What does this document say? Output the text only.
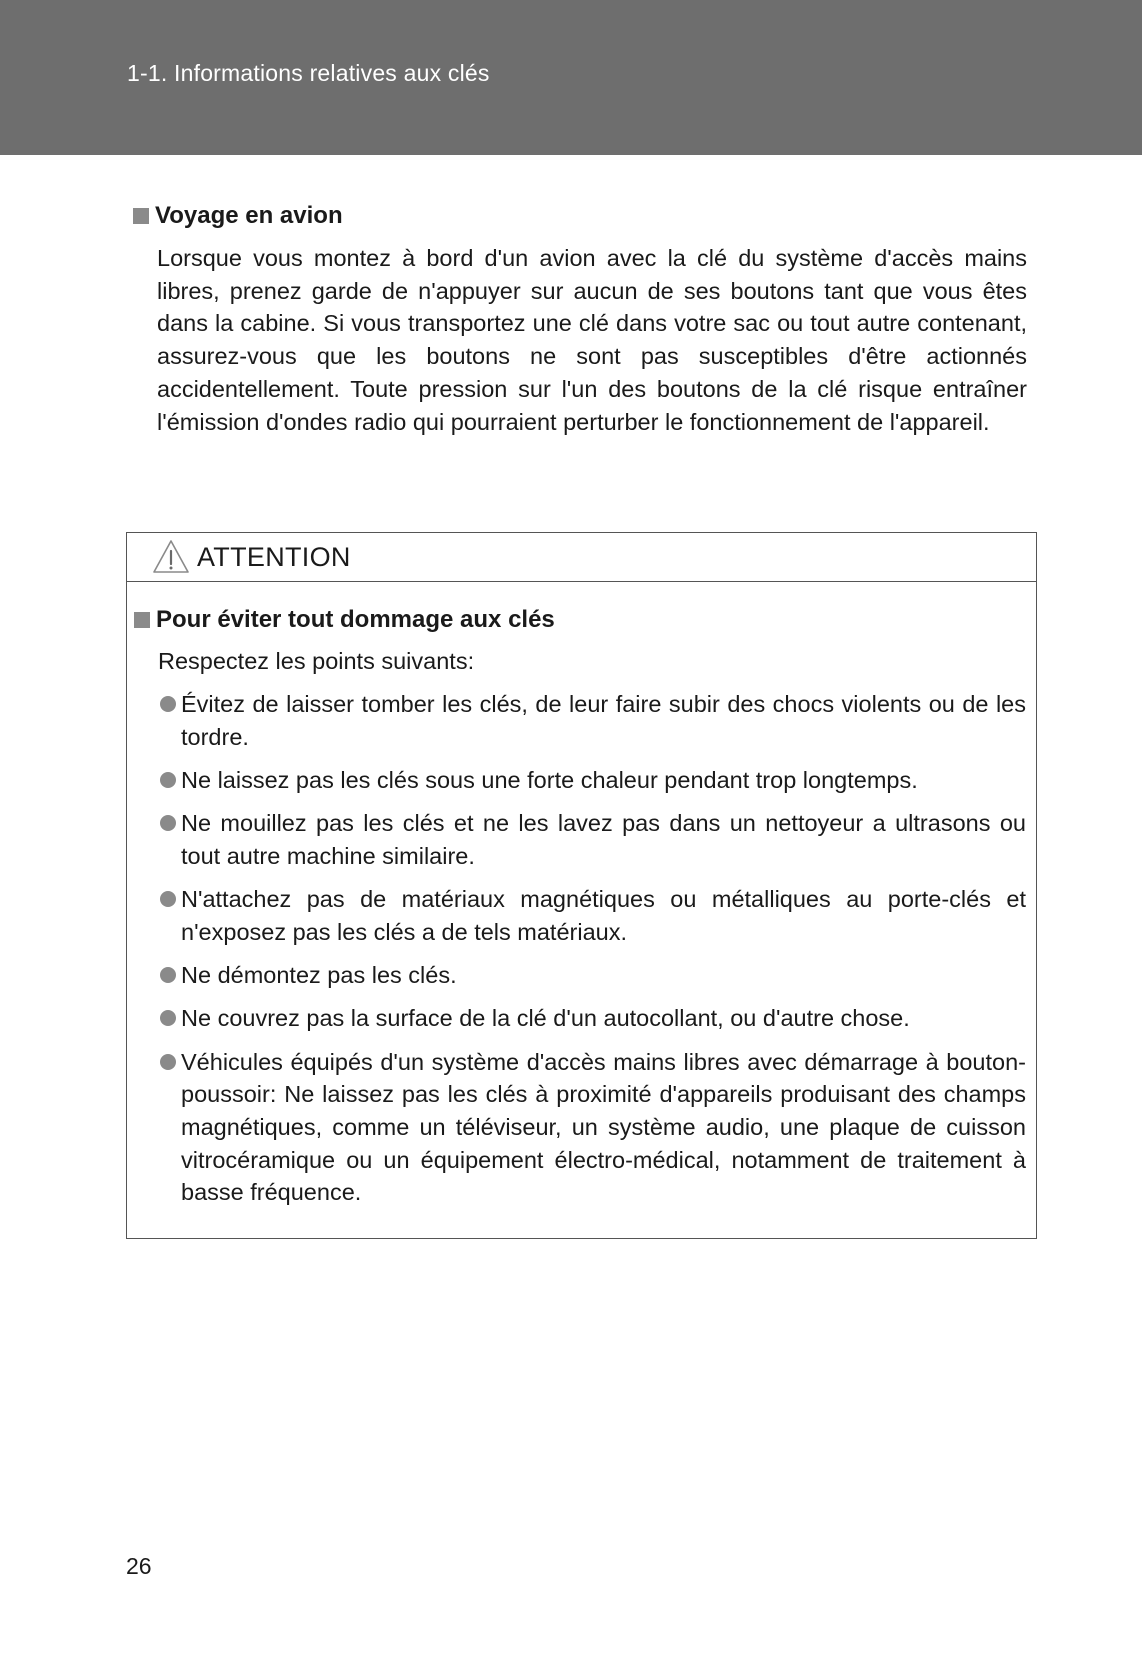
1-1. Informations relatives aux clés
Voyage en avion
Lorsque vous montez à bord d'un avion avec la clé du système d'accès mains libres, prenez garde de n'appuyer sur aucun de ses boutons tant que vous êtes dans la cabine. Si vous transportez une clé dans votre sac ou tout autre contenant, assurez-vous que les boutons ne sont pas susceptibles d'être actionnés accidentellement. Toute pression sur l'un des boutons de la clé risque entraîner l'émission d'ondes radio qui pourraient perturber le fonctionnement de l'appareil.
ATTENTION
Pour éviter tout dommage aux clés
Respectez les points suivants:
Évitez de laisser tomber les clés, de leur faire subir des chocs violents ou de les tordre.
Ne laissez pas les clés sous une forte chaleur pendant trop longtemps.
Ne mouillez pas les clés et ne les lavez pas dans un nettoyeur a ultrasons ou tout autre machine similaire.
N'attachez pas de matériaux magnétiques ou métalliques au porte-clés et n'exposez pas les clés a de tels matériaux.
Ne démontez pas les clés.
Ne couvrez pas la surface de la clé d'un autocollant, ou d'autre chose.
Véhicules équipés d'un système d'accès mains libres avec démarrage à bouton-poussoir: Ne laissez pas les clés à proximité d'appareils produisant des champs magnétiques, comme un téléviseur, un système audio, une plaque de cuisson vitrocéramique ou un équipement électro-médical, notamment de traitement à basse fréquence.
26
